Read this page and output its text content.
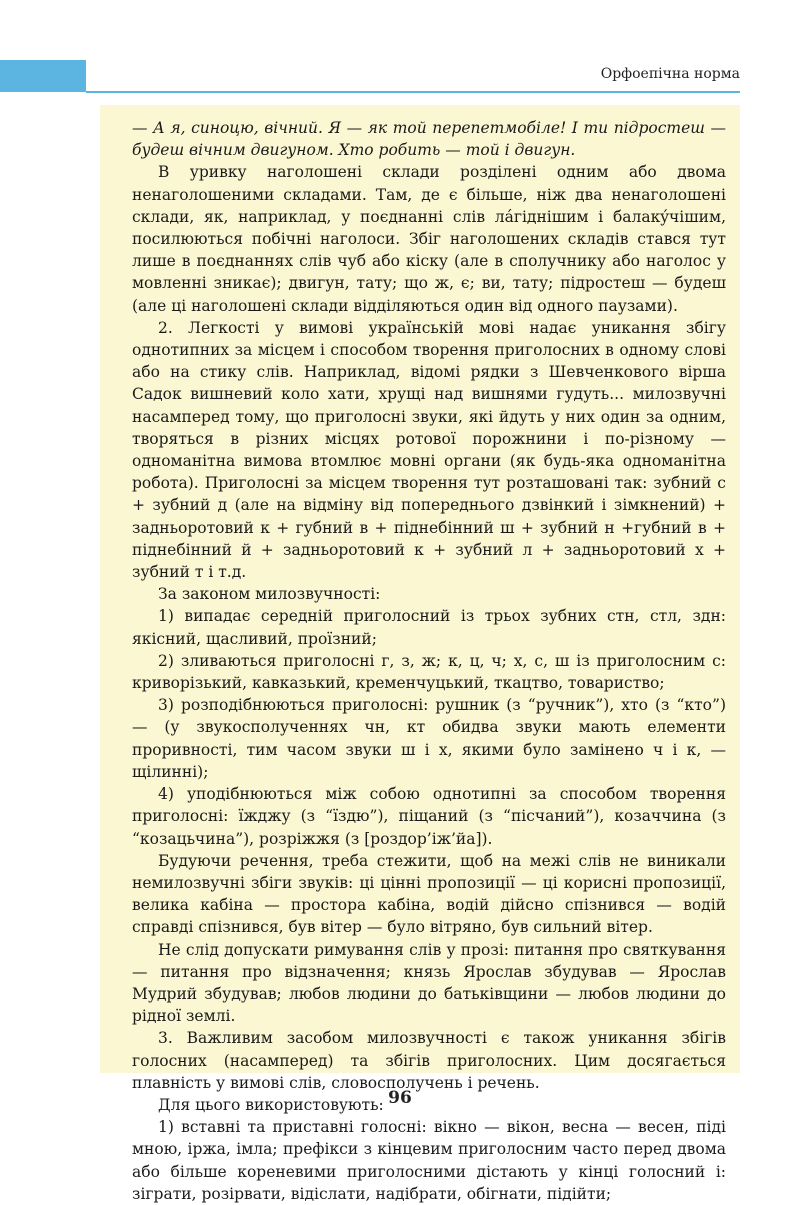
Орфоепічна норма

— А я, синоцю, вічний. Я — як той перепетмобіле! І ти підростеш — будеш вічним двигуном. Хто робить — той і двигун.

В уривку наголошені склади розділені одним або двома ненаголошеними складами. Там, де є більше, ніж два ненаголошені склади, як, наприклад, у поєднанні слів лáгіднішим і балакýчішим, посилюються побічні наголоси. Збіг наголошених складів стався тут лише в поєднаннях слів чуб або кіску (але в сполучнику або наголос у мовленні зникає); двигун, тату; що ж, є; ви, тату; підростеш — будеш (але ці наголошені склади відділяються один від одного паузами).

2. Легкості у вимові українській мові надає уникання збігу однотипних за місцем і способом творення приголосних в одному слові або на стику слів. Наприклад, відомі рядки з Шевченкового вірша Садок вишневий коло хати, хрущі над вишнями гудуть... милозвучні насамперед тому, що приголосні звуки, які йдуть у них один за одним, творяться в різних місцях ротової порожнини і по-різному — одноманітна вимова втомлює мовні органи (як будь-яка одноманітна робота). Приголосні за місцем творення тут розташовані так: зубний с + зубний д (але на відміну від попереднього дзвінкий і зімкнений) + задньоротовий к + губний в + піднебінний ш + зубний н +губний в + піднебінний й + задньоротовий к + зубний л + задньоротовий х + зубний т і т.д.

За законом милозвучності:

1) випадає середній приголосний із трьох зубних стн, стл, здн: якісний, щасливий, проїзний;

2) зливаються приголосні г, з, ж; к, ц, ч; х, с, ш із приголосним с: криворізький, кавказький, кременчуцький, ткацтво, товариство;

3) розподібнюються приголосні: рушник (з “ручник”), хто (з “кто”) — (у звукосполученнях чн, кт обидва звуки мають елементи проривності, тим часом звуки ш і х, якими було замінено ч і к, — щілинні);

4) уподібнюються між собою однотипні за способом творення приголосні: їжджу (з “їздю”), піщаний (з “пісчаний”), козаччина (з “козацьчина”), розріжжя (з [роздор’іж’йа]).

Будуючи речення, треба стежити, щоб на межі слів не виникали немилозвучні збіги звуків: ці цінні пропозиції — ці корисні пропозиції, велика кабіна — простора кабіна, водій дійсно спізнився — водій справді спізнився, був вітер — було вітряно, був сильний вітер.

Не слід допускати римування слів у прозі: питання про святкування — питання про відзначення; князь Ярослав збудував — Ярослав Мудрий збудував; любов людини до батьківщини — любов людини до рідної землі.

3. Важливим засобом милозвучності є також уникання збігів голосних (насамперед) та збігів приголосних. Цим досягається плавність у вимові слів, словосполучень і речень.

Для цього використовують:

1) вставні та приставні голосні: вікно — вікон, весна — весен, піді мною, іржа, імла; префікси з кінцевим приголосним часто перед двома або більше кореневими приголосними дістають у кінці голосний і: зіграти, розірвати, відіслати, надібрати, обігнати, підійти;

96
